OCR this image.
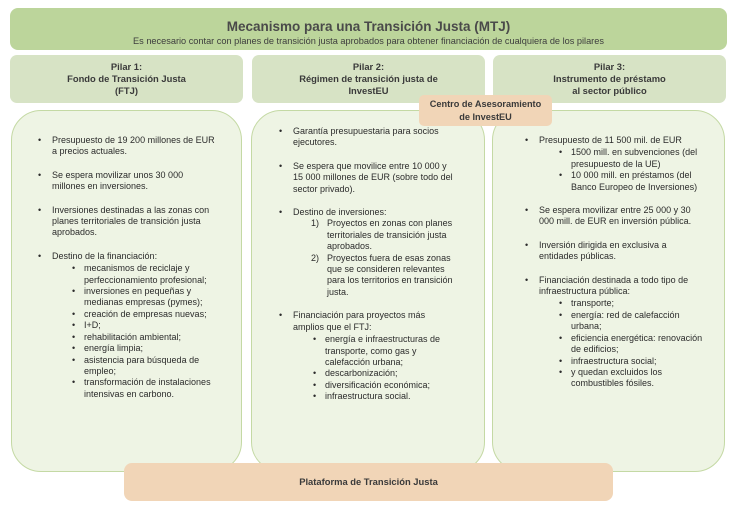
Mecanismo para una Transición Justa (MTJ)
Es necesario contar con planes de transición justa aprobados para obtener financiación de cualquiera de los pilares
Pilar 1:
Fondo de Transición Justa
(FTJ)
Pilar 2:
Régimen de transición justa de
InvestEU
Pilar 3:
Instrumento de préstamo
al sector público
Centro de Asesoramiento
de InvestEU
• Presupuesto de 19 200 millones de EUR a precios actuales.
• Se espera movilizar unos 30 000 millones en inversiones.
• Inversiones destinadas a las zonas con planes territoriales de transición justa aprobados.
• Destino de la financiación:
• mecanismos de reciclaje y perfeccionamiento profesional;
• inversiones en pequeñas y medianas empresas (pymes);
• creación de empresas nuevas;
• I+D;
• rehabilitación ambiental;
• energía limpia;
• asistencia para búsqueda de empleo;
• transformación de instalaciones intensivas en carbono.
• Garantía presupuestaria para socios ejecutores.
• Se espera que movilice entre 10 000 y 15 000 millones de EUR (sobre todo del sector privado).
• Destino de inversiones:
1) Proyectos en zonas con planes territoriales de transición justa aprobados.
2) Proyectos fuera de esas zonas que se consideren relevantes para los territorios en transición justa.
• Financiación para proyectos más amplios que el FTJ:
• energía e infraestructuras de transporte, como gas y calefacción urbana;
• descarbonización;
• diversificación económica;
• infraestructura social.
• Presupuesto de 11 500 mil. de EUR
• 1500 mill. en subvenciones (del presupuesto de la UE)
• 10 000 mill. en préstamos (del Banco Europeo de Inversiones)
• Se espera movilizar entre 25 000 y 30 000 mill. de EUR en inversión pública.
• Inversión dirigida en exclusiva a entidades públicas.
• Financiación destinada a todo tipo de infraestructura pública:
• transporte;
• energía: red de calefacción urbana;
• eficiencia energética: renovación de edificios;
• infraestructura social;
• y quedan excluidos los combustibles fósiles.
Plataforma de Transición Justa
